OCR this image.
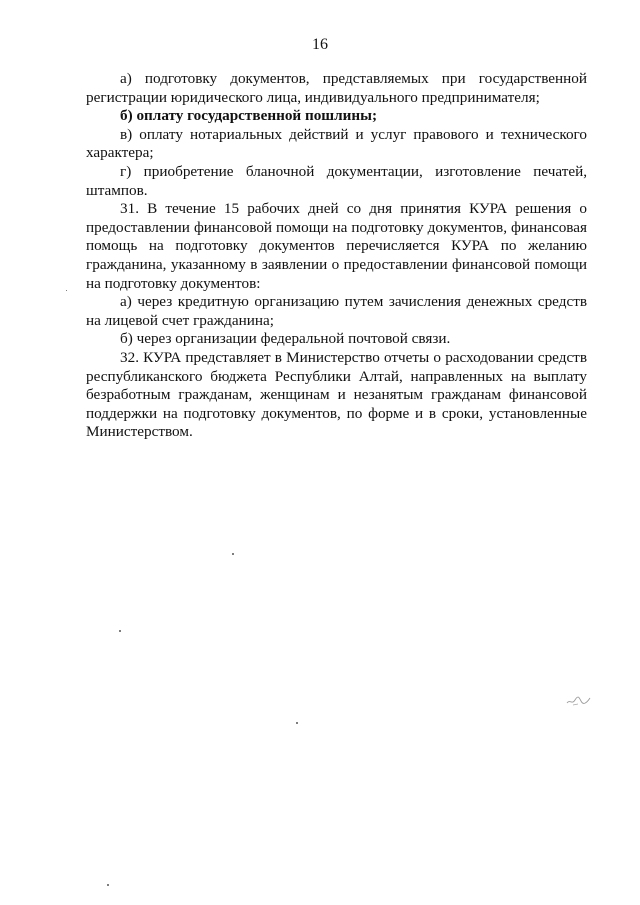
16

а) подготовку документов, представляемых при государственной регистрации юридического лица, индивидуального предпринимателя;

б) оплату государственной пошлины;

в) оплату нотариальных действий и услуг правового и технического характера;

г) приобретение бланочной документации, изготовление печатей, штампов.

31. В течение 15 рабочих дней со дня принятия КУРА решения о предоставлении финансовой помощи на подготовку документов, финансовая помощь на подготовку документов перечисляется КУРА по желанию гражданина, указанному в заявлении о предоставлении финансовой помощи на подготовку документов:

а) через кредитную организацию путем зачисления денежных средств на лицевой счет гражданина;

б) через организации федеральной почтовой связи.

32. КУРА представляет в Министерство отчеты о расходовании средств республиканского бюджета Республики Алтай, направленных на выплату безработным гражданам, женщинам и незанятым гражданам финансовой поддержки на подготовку документов, по форме и в сроки, установленные Министерством.
